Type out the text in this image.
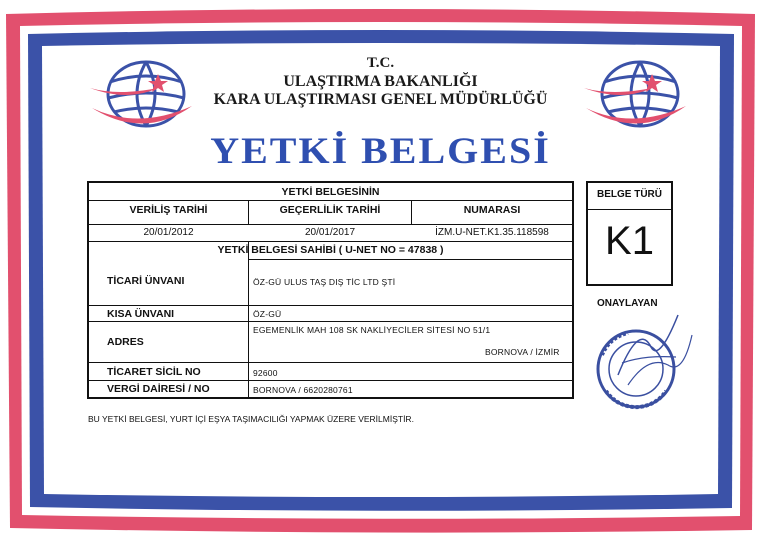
T.C.
ULAŞTIRMA BAKANLIĞI
KARA ULAŞTIRMASI GENEL MÜDÜRLÜĞÜ
YETKİ BELGESİ
YETKİ BELGESİNİN
VERİLİŞ TARİHİ	GEÇERLİLİK TARİHİ	NUMARASI
20/01/2012	20/01/2017	İZM.U-NET.K1.35.118598
YETKİ BELGESİ SAHİBİ ( U-NET NO = 47838 )
TİCARİ ÜNVANI	ÖZ-GÜ ULUS TAŞ DIŞ TİC LTD ŞTİ
KISA ÜNVANI	ÖZ-GÜ
ADRES
EGEMENLİK MAH 108 SK NAKLİYECİLER SİTESİ NO 51/1
BORNOVA / İZMİR
TİCARET SİCİL NO	92600
VERGİ DAİRESİ / NO	BORNOVA / 6620280761
BELGE TÜRÜ
K1
ONAYLAYAN
BU YETKİ BELGESİ, YURT İÇİ EŞYA TAŞIMACILIĞI YAPMAK ÜZERE VERİLMİŞTİR.
